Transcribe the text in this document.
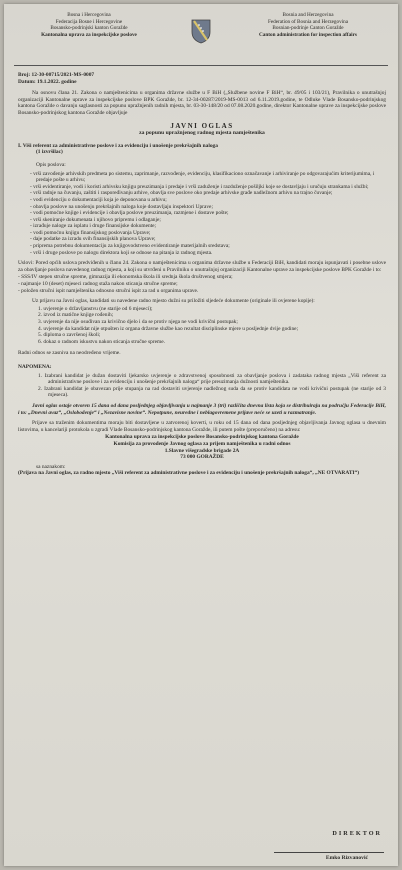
Bosna i Hercegovina
Federacija Bosne i Hercegovine
Bosansko-podrinjski kanton Goražde
Kantonalna uprava za inspekcijske poslove
Bosnia and Herzegovina
Federation of Bosnia and Herzegovina
Bosnian-podrinje Canton Goražde
Canton administration for inspection affairs
Broj: 12-30-00715/2021-MS-0007
Datum: 19.1.2022. godine

Na osnovu člana 21. Zakona o namještenicima u organima državne službe u F BiH („Službene novine F BiH“, br. 49/05 i 103/21), Pravilnika o unutrašnjoj organizaciji Kantonalne uprave za inspekcijske poslove BPK Goražde, br. 12-34-00287/2019-MS-0013 od 6.11.2019.godine, te Odluke Vlade Bosansko-podrinjskog kantona Goražde o davanju saglasnosti za popunu upražnjenih radnih mjesta, br. 03-30-148/20 od 07.08.2020.godine, direktor Kantonalne uprave za inspekcijske poslove Bosansko-podrinjskog kantona Goražde objavljuje

JAVNI OGLAS
za popunu upražnjenog radnog mjesta namještenika
I. Viši referent za administrativne poslove i za evidenciju i unošenje prekršajnih naloga
(1 izvršilac)
Opis poslova:
- vrši zavođenje arhivskih predmeta po sistemu, zaprimanje, razvođenje, evidenciju, klasifikaciono označavanje i arhiviranje po odgovarajućim kriterijumima, i predaje pošte u arhivu;
- vrši evidentiranje, vodi i koristi arhivsku knjigu preuzimanja i predaje i vrši zaduženje i razduženje pošiljki koje se dostavljaju i uručuju strankama i službi;
- vrši radnje na čuvanju, zaštiti i raspoređivanju arhive, obavlja sve poslove oko predaje arhivske građe nadležnom arhivu na trajno čuvanje;
- vodi evidenciju o dokumentaciji koja je deponovana u arhivu;
- obavlja poslove na unošenju prekršajnih naloga koje dostavljaju inspektori Uprave;
- vodi pomoćne knjige i evidencije i obavlja poslove preuzimanja, razmjene i dostave pošte;
- vrši skeniranje dokumenata i njihovo pripremu i odlaganje;
- izrađuje naloge za isplatu i druge finansijske dokumente;
- vodi pomoćnu knjigu finansijskog poslovanja Uprave;
- daje podatke za izradu svih finansijskih planova Uprave;
- priprema potrebnu dokumentaciju za knjigovodstveno evidentiranje materijalnih sredstava;
- vrši i druge poslove po nalogu direktora koji se odnose na pitanja iz radnog mjesta.

Uslovi: Pored općih uslova predviđenih u članu 24. Zakona o namještenicima u organima državne službe u Federaciji BiH, kandidati moraju ispunjavati i posebne uslove za obavljanje poslova navedenog radnog mjesta, a koji su utvrđeni u Pravilniku o unutrašnjoj organizaciji Kantonalne uprave za inspekcijske poslove BPK Goražde i to:

- SSS/IV stepen stručne spreme, gimnazija ili ekonomska škola ili srednja škola društvenog smjera;
- najmanje 10 (deset) mjeseci radnog staža nakon sticanja stručne spreme;
- položen stručni ispit namještenika odnosno stručni ispit za rad u organima uprave.

Uz prijavu na Javni oglas, kandidati su navedene radno mjesto dužni su priložiti sljedeće dokumente (originale ili ovjerene kopije):

1. uvjerenje o državljanstvu (ne starije od 6 mjeseci);
2. izvod iz matične knjige rođenih;
3. uvjerenje da nije osuđivan za krivično djelo i da se protiv njega ne vodi krivični postupak;
4. uvjerenje da kandidat nije otpušten iz organa državne službe kao rezultat disciplinske mjere u posljednje dvije godine;
5. diploma o završenoj školi;
6. dokaz o radnom iskustvu nakon sticanja stručne spreme.

Radni odnos se zasniva na neodređeno vrijeme.

NAPOMENA:
1. Izabrani kandidat je dužan dostaviti ljekarsko uvjerenje o zdravstvenoj sposobnosti za obavljanje poslova i zadataka radnog mjesta „Viši referent za administrativne poslove i za evidenciju i unošenje prekršajnih naloga“ prije preuzimanja dužnosti namještenika.
2. Izabrani kandidat je obavezan prije stupanja na rad dostaviti uvjerenje nadležnog suda da se protiv kandidata ne vodi krivični postupak (ne starije od 3 mjeseca).

Javni oglas ostaje otvoren 15 dana od dana posljednjeg objavljivanja u najmanje 3 (tri) različita dnevna lista koja se distribuiraju na području Federacije BiH, i to: „Dnevni avaz“, „Oslobođenje“ i „Nezavisne novine“. Nepotpune, neuredne i neblagovremene prijave neće se uzeti u razmatranje.

Prijave sa traženim dokumentima moraju biti dostavljene u zatvorenoj koverti, u roku od 15 dana od dana posljednjeg objavljivanja Javnog oglasa u dnevnim listovima, u kancelariji protokola u zgradi Vlade Bosansko-podrinjskog kantona Goražde, ili putem pošte (preporučeno) na adresu:

Kantonalna uprava za inspekcijske poslove Bosansko-podrinjskog kantona Goražde
Komisija za provođenje Javnog oglasa za prijem namještenika u radni odnos
1.Slavne višegradske brigade 2A
73 000 GORAŽDE
sa naznakom:

(Prijava na Javni oglas, za radno mjesto „Viši referent za administrativne poslove i za evidenciju i unošenje prekršajnih naloga“, „NE OTVARATI“)

DIREKTOR
Emko Rizvanović
